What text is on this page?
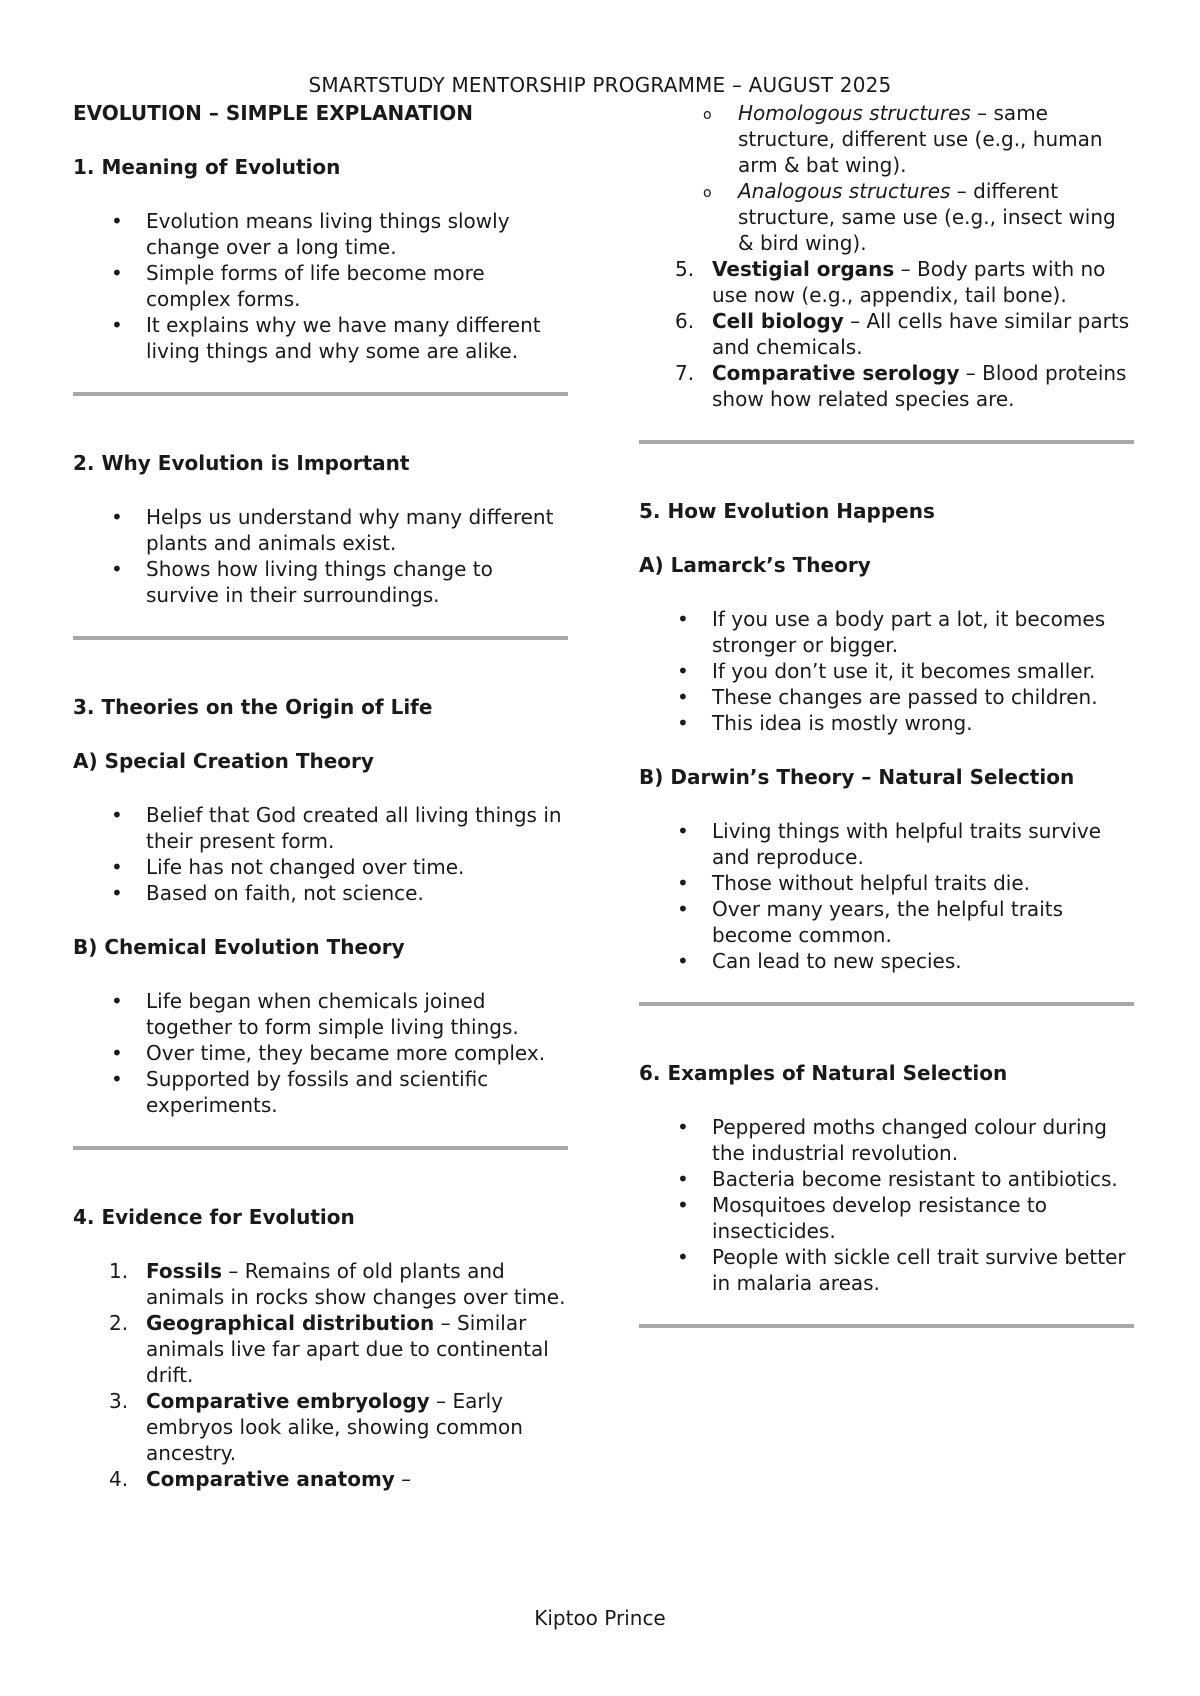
SMARTSTUDY MENTORSHIP PROGRAMME – AUGUST 2025
EVOLUTION – SIMPLE EXPLANATION
1. Meaning of Evolution
• Evolution means living things slowly change over a long time.
• Simple forms of life become more complex forms.
• It explains why we have many different living things and why some are alike.
2. Why Evolution is Important
• Helps us understand why many different plants and animals exist.
• Shows how living things change to survive in their surroundings.
3. Theories on the Origin of Life
A) Special Creation Theory
• Belief that God created all living things in their present form.
• Life has not changed over time.
• Based on faith, not science.
B) Chemical Evolution Theory
• Life began when chemicals joined together to form simple living things.
• Over time, they became more complex.
• Supported by fossils and scientific experiments.
4. Evidence for Evolution
1. Fossils – Remains of old plants and animals in rocks show changes over time.
2. Geographical distribution – Similar animals live far apart due to continental drift.
3. Comparative embryology – Early embryos look alike, showing common ancestry.
4. Comparative anatomy –
o Homologous structures – same structure, different use (e.g., human arm & bat wing).
o Analogous structures – different structure, same use (e.g., insect wing & bird wing).
5. Vestigial organs – Body parts with no use now (e.g., appendix, tail bone).
6. Cell biology – All cells have similar parts and chemicals.
7. Comparative serology – Blood proteins show how related species are.
5. How Evolution Happens
A) Lamarck’s Theory
• If you use a body part a lot, it becomes stronger or bigger.
• If you don’t use it, it becomes smaller.
• These changes are passed to children.
• This idea is mostly wrong.
B) Darwin’s Theory – Natural Selection
• Living things with helpful traits survive and reproduce.
• Those without helpful traits die.
• Over many years, the helpful traits become common.
• Can lead to new species.
6. Examples of Natural Selection
• Peppered moths changed colour during the industrial revolution.
• Bacteria become resistant to antibiotics.
• Mosquitoes develop resistance to insecticides.
• People with sickle cell trait survive better in malaria areas.
Kiptoo Prince
